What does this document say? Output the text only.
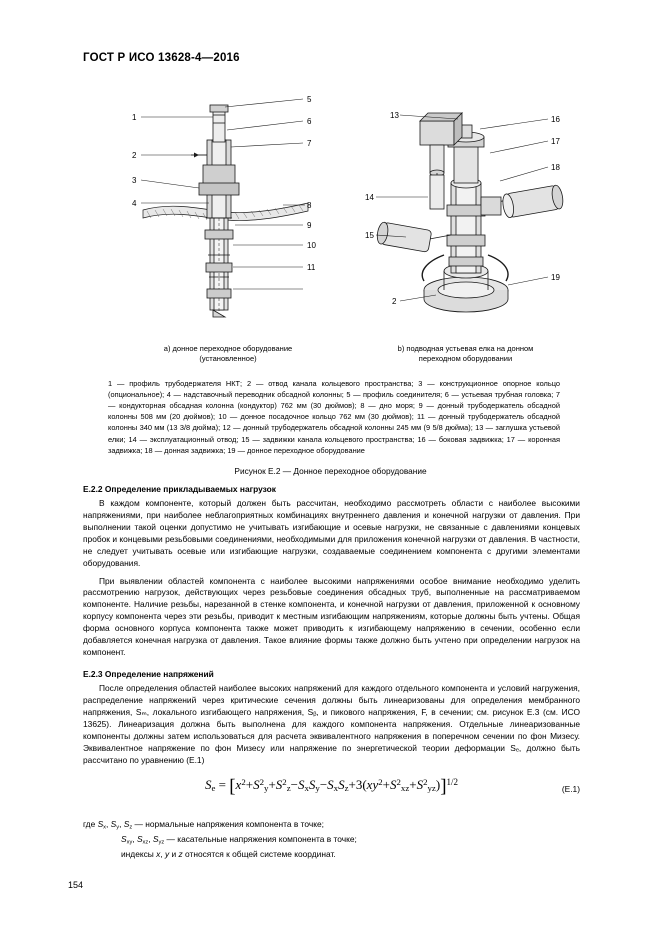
ГОСТ Р ИСО 13628-4—2016
1
2
3
4
5
6
7
8
9
10
11
a) донное переходное оборудование
(установленное)
13	16
17
18
14
15
19
2
b) подводная устьевая елка на донном
переходном оборудовании
1 — профиль трубодержателя НКТ; 2 — отвод канала кольцевого пространства; 3 — конструкционное опорное кольцо (опциональное); 4 — надставочный переводник обсадной колонны; 5 — профиль соединителя; 6 — устьевая трубная головка; 7 — кондукторная обсадная колонна (кондуктор) 762 мм (30 дюймов); 8 — дно моря; 9 — донный трубодержатель обсадной колонны 508 мм (20 дюймов); 10 — донное посадочное кольцо 762 мм (30 дюймов); 11 — донный трубодержатель обсадной колонны 340 мм (13 3/8 дюйма); 12 — донный трубодержатель обсадной колонны 245 мм (9 5/8 дюйма); 13 — заглушка устьевой елки; 14 — эксплуатационный отвод; 15 — задвижки канала кольцевого пространства; 16 — боковая задвижка; 17 — коронная задвижка; 18 — донная задвижка; 19 — донное переходное оборудование
Рисунок Е.2 — Донное переходное оборудование
Е.2.2 Определение прикладываемых нагрузок

В каждом компоненте, который должен быть рассчитан, необходимо рассмотреть области с наиболее высокими напряжениями, при наиболее неблагоприятных комбинациях внутреннего давления и конечной нагрузки от давления. При выполнении такой оценки допустимо не учитывать изгибающие и осевые нагрузки, не связанные с давлениями концевых пробок и концевыми резьбовыми соединениями, необходимыми для приложения конечной нагрузки от давления. В частности, не следует учитывать осевые или изгибающие нагрузки, создаваемые соединением компонента с другими элементами оборудования.

При выявлении областей компонента с наиболее высокими напряжениями особое внимание необходимо уделить рассмотрению нагрузок, действующих через резьбовые соединения обсадных труб, выполненные на рассматриваемом компоненте. Наличие резьбы, нарезанной в стенке компонента, и конечной нагрузки от давления, приложенной к основному корпусу компонента через эти резьбы, приводит к местным изгибающим напряжениям, которые должны быть учтены. Общая форма основного корпуса компонента также может приводить к изгибающему напряжению в сечении, особенно если добавляется конечная нагрузка от давления. Такое влияние формы также должно быть учтено при определении нагрузок на компонент.

Е.2.3 Определение напряжений

После определения областей наиболее высоких напряжений для каждого отдельного компонента и условий нагружения, распределение напряжений через критические сечения должны быть линеаризованы для определения мембранного напряжения, Sₘ, локального изгибающего напряжения, Sᵦ, и пикового напряжения, F, в сечении; см. рисунок Е.3 (см. ИСО 13625). Линеаризация должна быть выполнена для каждого компонента напряжения. Отдельные линеаризованные компоненты должны затем использоваться для расчета эквивалентного напряжения в поперечном сечении по фон Мизесу. Эквивалентное напряжение по фон Мизесу или напряжение по энергетической теории деформации Sₑ, должно быть рассчитано по уравнению (Е.1)

$S_e = [x^2+S^2_y+S^2_z-S_xS_y-S_xS_z+3(xy^2+S^2_{xz}+S^2_{yz})]^{1/2}$
(Е.1)
где $S_x$, $S_y$, $S_z$ — нормальные напряжения компонента в точке;
$S_{xy}$, $S_{xz}$, $S_{yz}$ — касательные напряжения компонента в точке;
индексы x, y и z относятся к общей системе координат.
154
